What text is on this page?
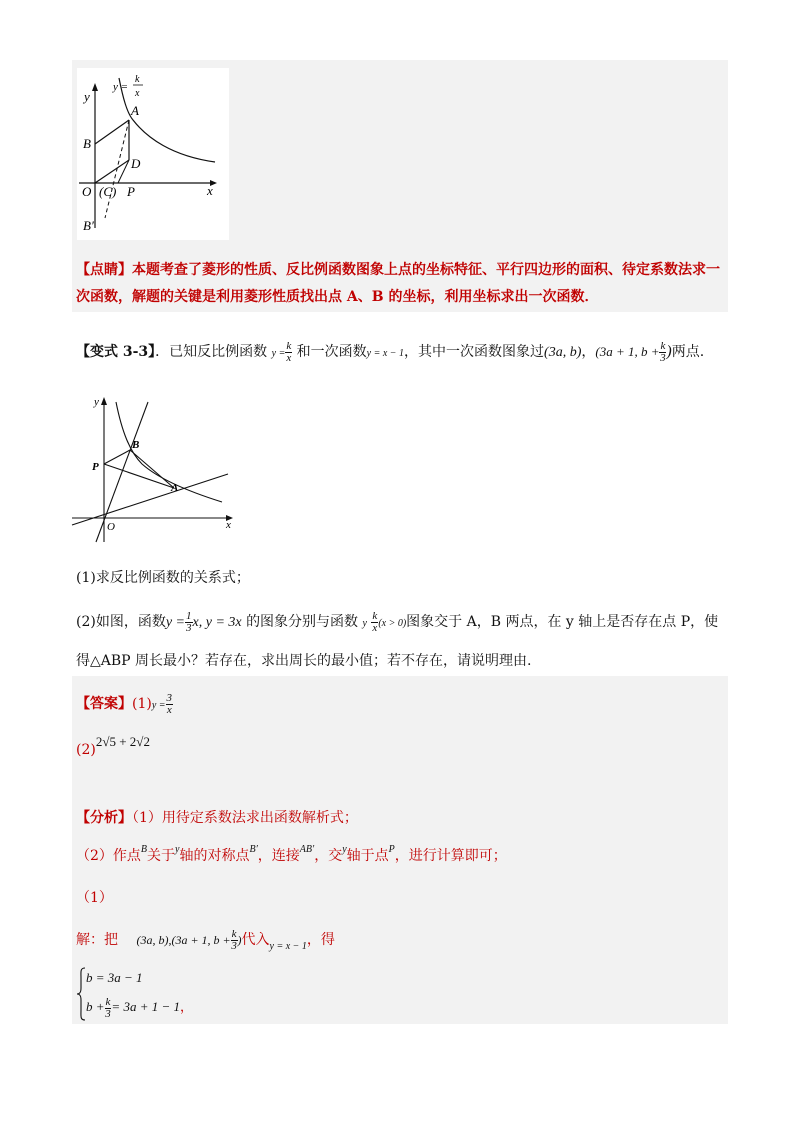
y =
k
x
y
x
A
B
D
O (C) P
B′
【点睛】本题考查了菱形的性质、反比例函数图象上点的坐标特征、平行四边形的面积、待定系数法求一
次函数，解题的关键是利用菱形性质找出点 A、B 的坐标，利用坐标求出一次函数．
【变式 3-3】．已知反比例函数 $y = \frac{k}{x}$ 和一次函数y = x − 1，其中一次函数图象过(3a, b)，(3a + 1, $b + \frac{k}{3}$ )两点.
y
x
B
P
A
O
(1)求反比例函数的关系式；
(2)如图，函数$y = \frac{1}{3} x$, y = 3x 的图象分别与函数 y $\frac{k}{x} (x > 0)$图象交于 A，B 两点，在 y 轴上是否存在点 P，使
得△ABP 周长最小？若存在，求出周长的最小值；若不存在，请说明理由.
【答案】$(1)y = \frac{3}{x}$
(2)2√5 + 2√2
【分析】（1）用待定系数法求出函数解析式；
（2）作点$^B$关于$^y$轴的对称点$^{B'}$，连接$^{AB'}$，交$^y$轴于点$^P$，进行计算即可；
（1）
解：把 (3a, b),(3a + 1, $b + \frac{k}{3}$ )代入$_{y = x - 1}$，得
b = 3a − 1
$b + \frac{k}{3} = 3a + 1 - 1$，
